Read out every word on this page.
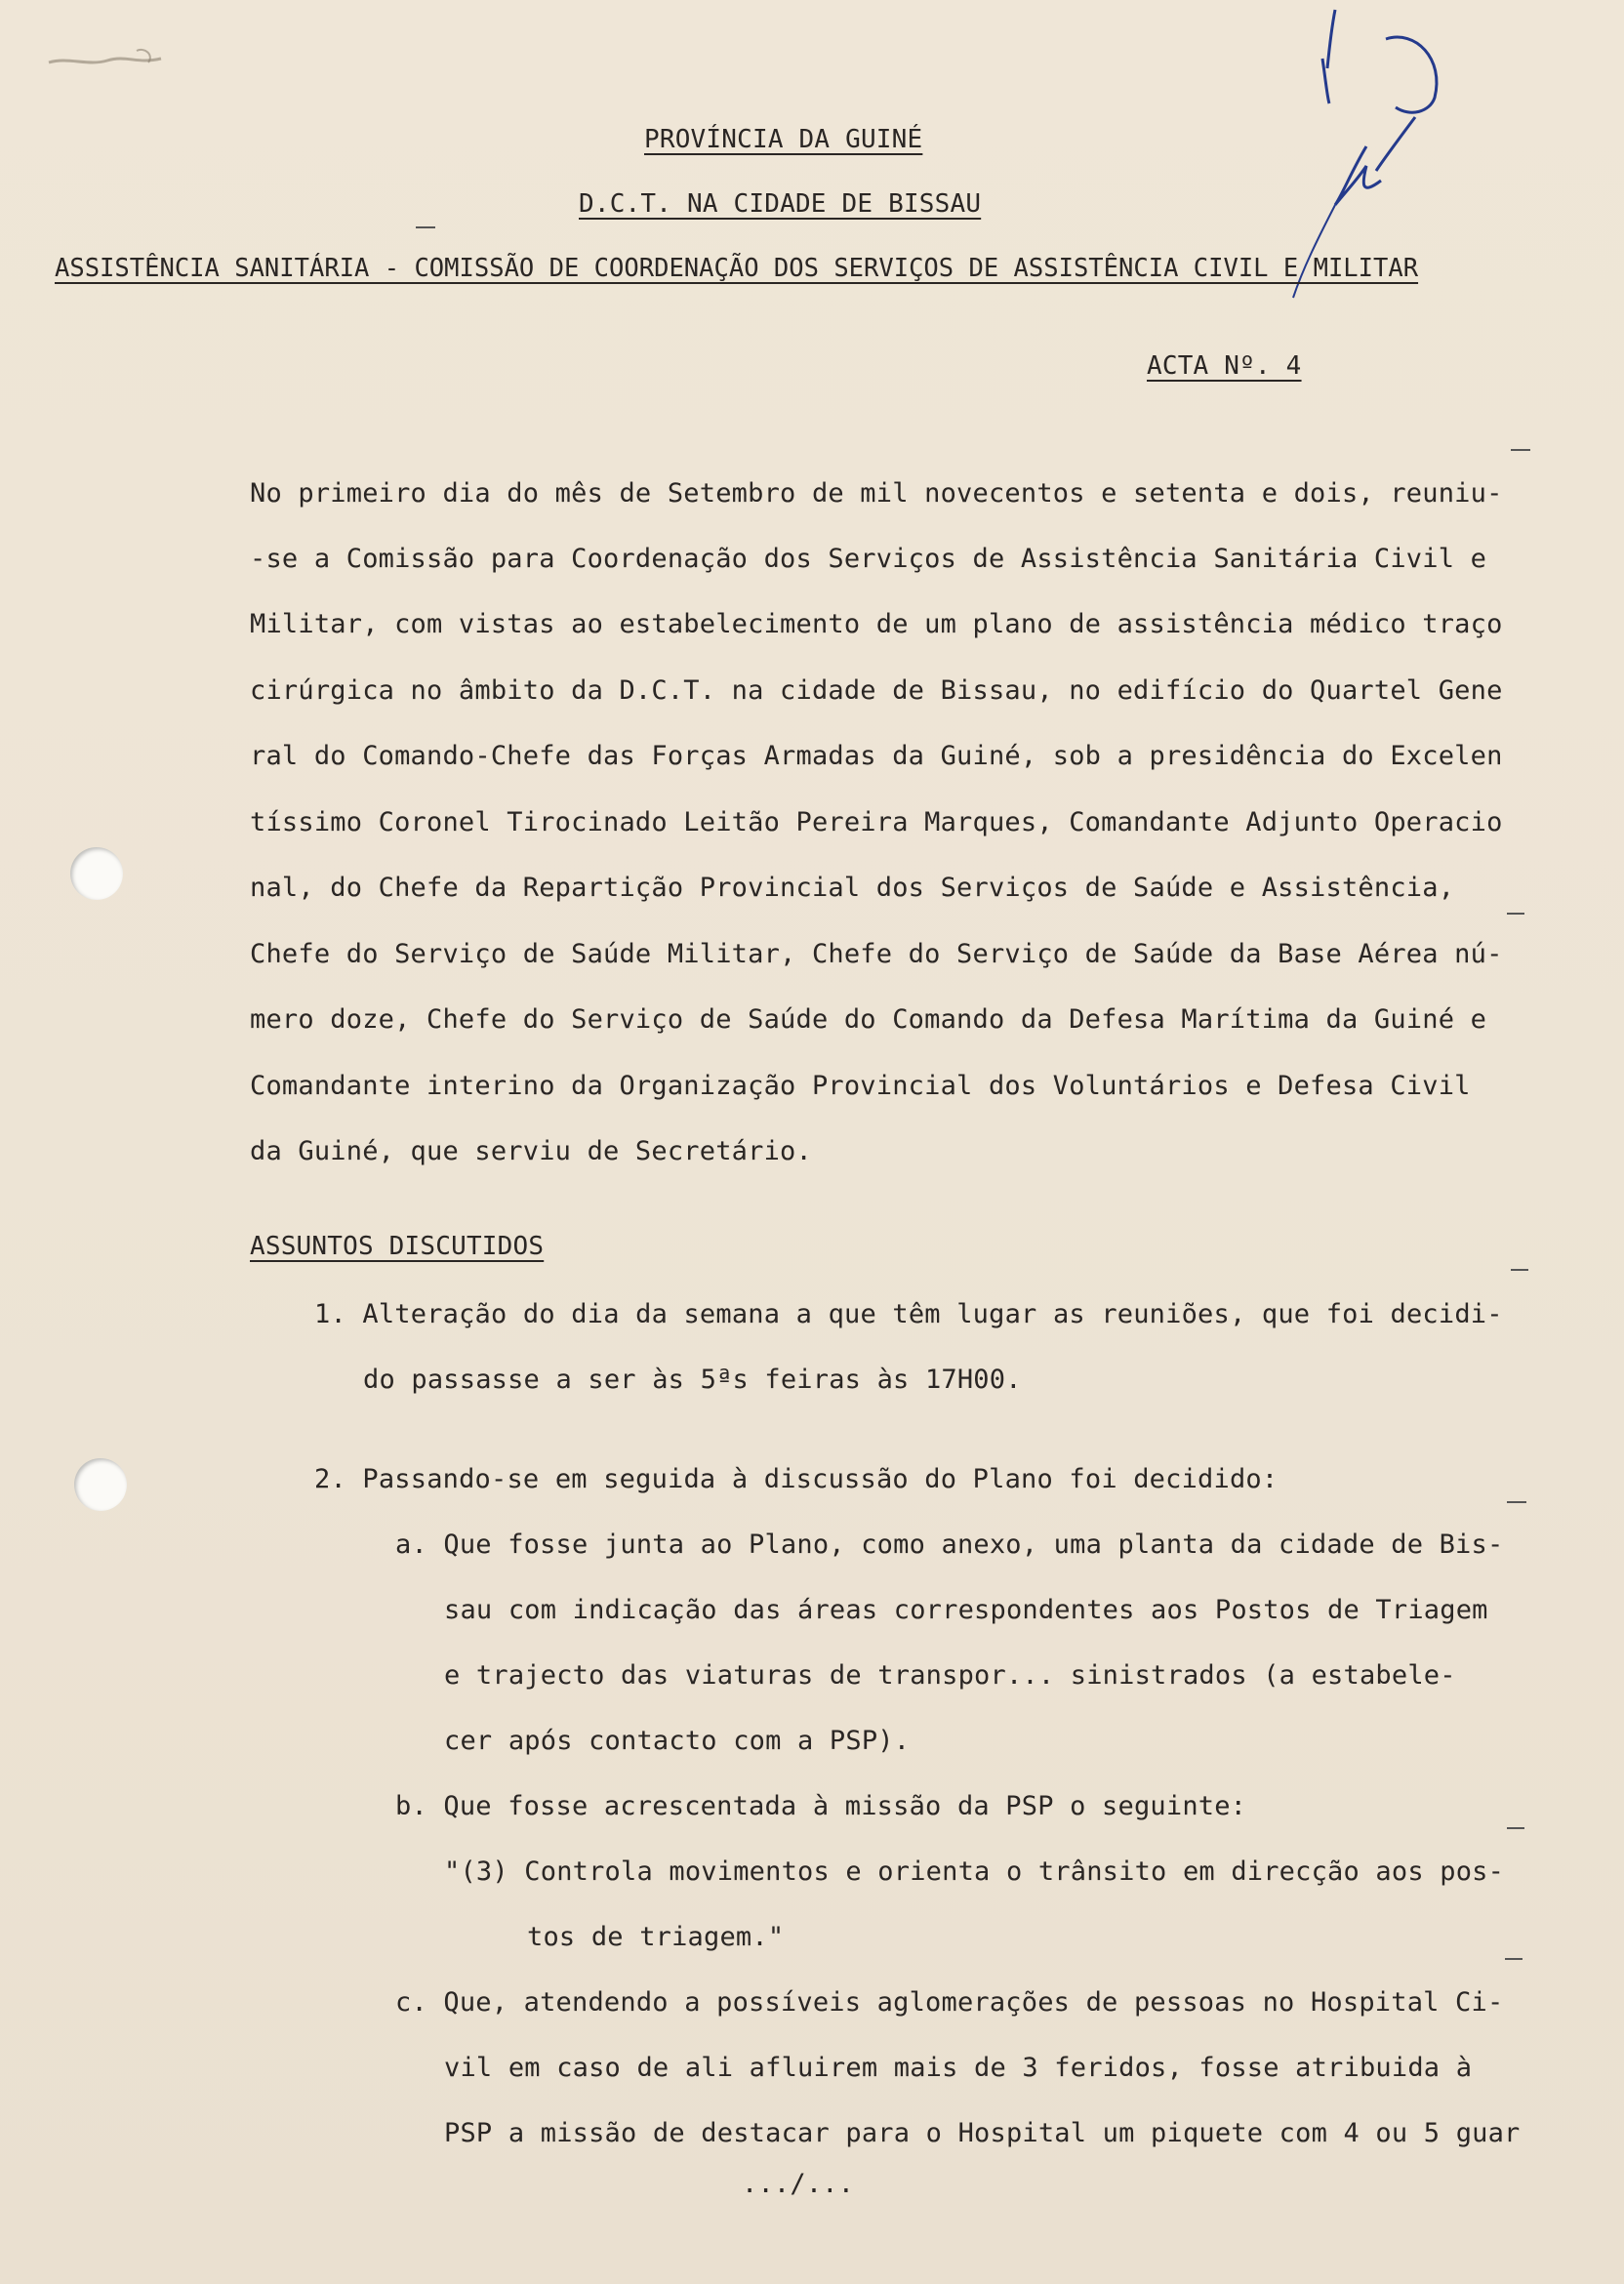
PROVÍNCIA DA GUINÉ
D.C.T. NA CIDADE DE BISSAU
ASSISTÊNCIA SANITÁRIA - COMISSÃO DE COORDENAÇÃO DOS SERVIÇOS DE ASSISTÊNCIA CIVIL E MILITAR
ACTA Nº. 4
No primeiro dia do mês de Setembro de mil novecentos e setenta e dois, reuniu-
-se a Comissão para Coordenação dos Serviços de Assistência Sanitária Civil e
Militar, com vistas ao estabelecimento de um plano de assistência médico traço
cirúrgica no âmbito da D.C.T. na cidade de Bissau, no edifício do Quartel Gene
ral do Comando-Chefe das Forças Armadas da Guiné, sob a presidência do Excelen
tíssimo Coronel Tirocinado Leitão Pereira Marques, Comandante Adjunto Operacio
nal, do Chefe da Repartição Provincial dos Serviços de Saúde e Assistência,
Chefe do Serviço de Saúde Militar, Chefe do Serviço de Saúde da Base Aérea nú-
mero doze, Chefe do Serviço de Saúde do Comando da Defesa Marítima da Guiné e
Comandante interino da Organização Provincial dos Voluntários e Defesa Civil
da Guiné, que serviu de Secretário.
ASSUNTOS DISCUTIDOS
1. Alteração do dia da semana a que têm lugar as reuniões, que foi decidi-
do passasse a ser às 5ªs feiras às 17H00.
2. Passando-se em seguida à discussão do Plano foi decidido:
a. Que fosse junta ao Plano, como anexo, uma planta da cidade de Bis-
sau com indicação das áreas correspondentes aos Postos de Triagem
e trajecto das viaturas de transpor... sinistrados (a estabele-
cer após contacto com a PSP).
b. Que fosse acrescentada à missão da PSP o seguinte:
"(3) Controla movimentos e orienta o trânsito em direcção aos pos-
tos de triagem."
c. Que, atendendo a possíveis aglomerações de pessoas no Hospital Ci-
vil em caso de ali afluirem mais de 3 feridos, fosse atribuida à
PSP a missão de destacar para o Hospital um piquete com 4 ou 5 guar
.../...
